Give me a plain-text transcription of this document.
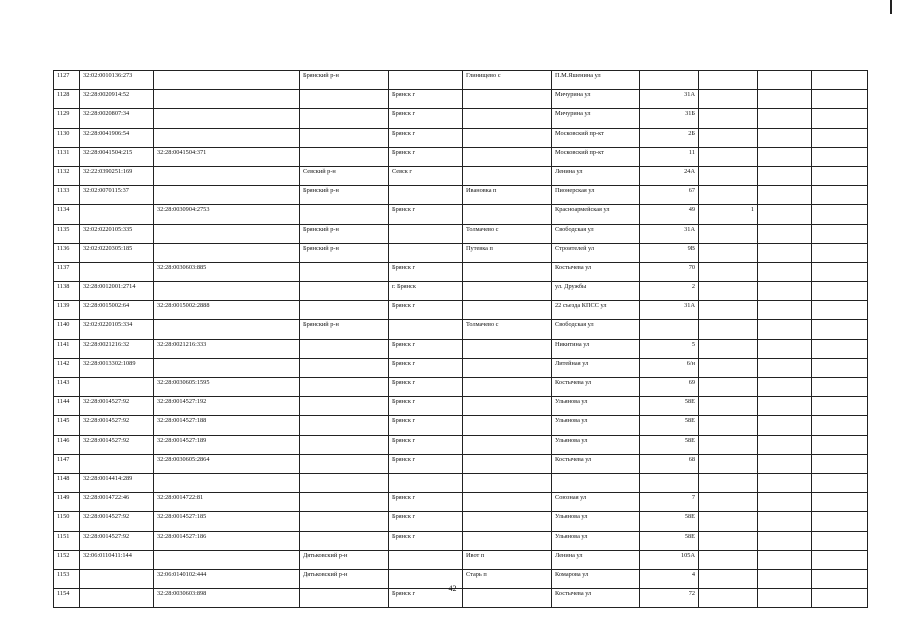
1127	32:02:0010136:273		Брянский р-н		Глинищево с	П.М.Яшенина ул				
1128	32:28:0020914:52			Брянск г		Мичурина ул	31А			
1129	32:28:0020807:34			Брянск г		Мичурина ул	31Б			
1130	32:28:0041906:54			Брянск г		Московский пр-кт	2Б			
1131	32:28:0041504:215	32:28:0041504:371		Брянск г		Московский пр-кт	11			
1132	32:22:0390251:169		Севский р-н	Севск г		Ленина ул	24А			
1133	32:02:0070115:37		Брянский р-н		Ивановка п	Пионерская ул	67			
1134		32:28:0030904:2753		Брянск г		Красноармейская ул	49	1		
1135	32:02:0220105:335		Брянский р-н		Толмачево с	Свободская ул	31А			
1136	32:02:0220305:185		Брянский р-н		Путевка п	Строителей ул	9В			
1137		32:28:0030603:885		Брянск г		Костычева ул	70			
1138	32:28:0012001:2714			г. Брянск		ул. Дружбы	2			
1139	32:28:0015002:64	32:28:0015002:2888		Брянск г		22 съезда КПСС ул	31А			
1140	32:02:0220105:334		Брянский р-н		Толмачево с	Свободская ул				
1141	32:28:0021216:32	32:28:0021216:333		Брянск г		Никитина ул	5			
1142	32:28:0013302:1089			Брянск г		Литейная ул	6/н			
1143		32:28:0030605:1595		Брянск г		Костычева ул	69			
1144	32:28:0014527:92	32:28:0014527:192		Брянск г		Ульянова ул	58Е			
1145	32:28:0014527:92	32:28:0014527:188		Брянск г		Ульянова ул	58Е			
1146	32:28:0014527:92	32:28:0014527:189		Брянск г		Ульянова ул	58Е			
1147		32:28:0030605:2864		Брянск г		Костычева ул	68			
1148	32:28:0014414:289									
1149	32:28:0014722:46	32:28:0014722:81		Брянск г		Союзная ул	7			
1150	32:28:0014527:92	32:28:0014527:185		Брянск г		Ульянова ул	58Е			
1151	32:28:0014527:92	32:28:0014527:186		Брянск г		Ульянова ул	58Е			
1152	32:06:0110411:144		Дятьковский р-н		Ивот п	Ленина ул	105А			
1153		32:06:0140102:444	Дятьковский р-н		Старь п	Комарова ул	4			
1154		32:28:0030603:898		Брянск г		Костычева ул	72			
42
